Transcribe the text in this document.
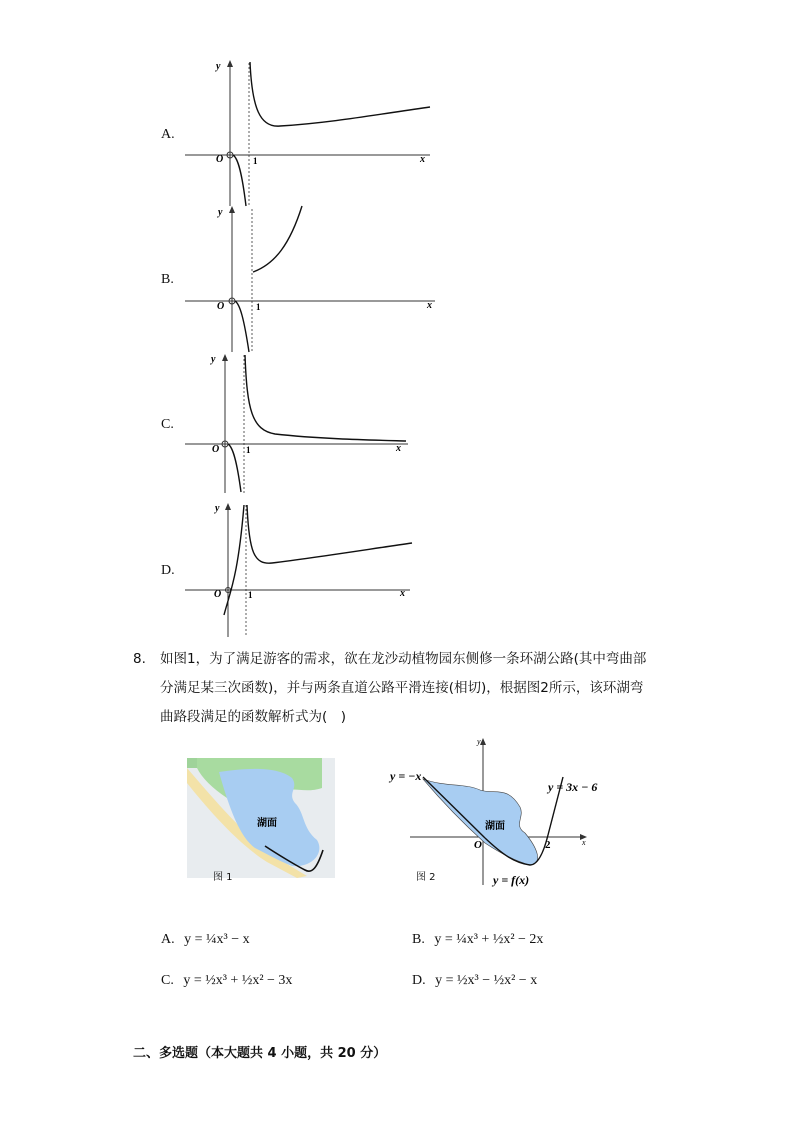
A.
O	1	x
y
B.
O	1	x
y
C.
O	1	x
y
D.
O	1	x
y
8. 如图1，为了满足游客的需求，欲在龙沙动植物园东侧修一条环湖公路(其中弯曲部
分满足某三次函数)，并与两条直道公路平滑连接(相切)，根据图2所示，该环湖弯
曲路段满足的函数解析式为(　)
湖面
图 1
湖面
y = −x
y = 3x − 6
y = f(x)
O	2	x
y
图 2
A. y = ¼x³ − x	B. y = ¼x³ + ½x² − 2x
C. y = ½x³ + ½x² − 3x	D. y = ½x³ − ½x² − x
二、多选题（本大题共 4 小题，共 20 分）
